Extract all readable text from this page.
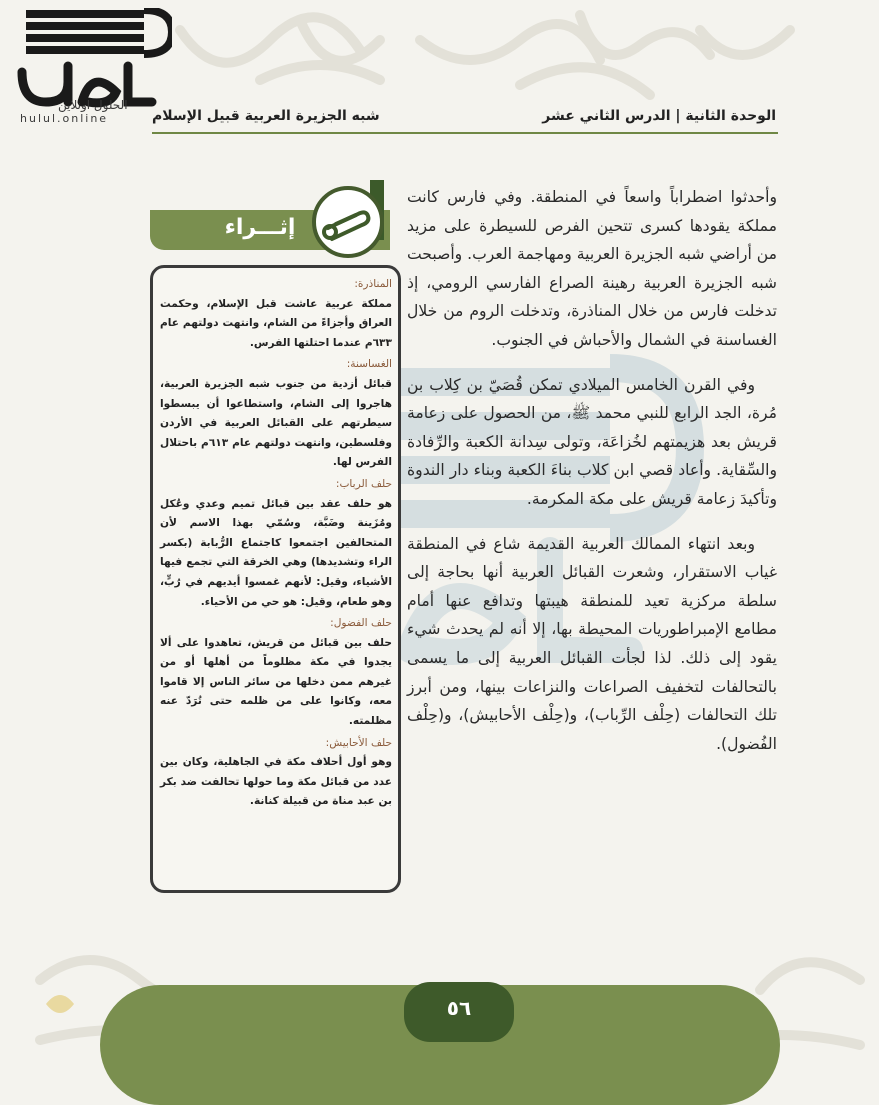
الحلول اونلاين
hulul.online	الوحدة الثانية | الدرس الثاني عشر
شبه الجزيرة العربية قبيل الإسلام

وأحدثوا اضطراباً واسعاً في المنطقة. وفي فارس كانت مملكة يقودها كسرى تتحين الفرص للسيطرة على مزيد من أراضي شبه الجزيرة العربية ومهاجمة العرب. وأصبحت شبه الجزيرة العربية رهينة الصراع الفارسي الرومي، إذ تدخلت فارس من خلال المناذرة، وتدخلت الروم من خلال الغساسنة في الشمال والأحباش في الجنوب.

وفي القرن الخامس الميلادي تمكن قُصَيّ بن كِلاب بن مُرة، الجد الرابع للنبي محمد ﷺ، من الحصول على زعامة قريش بعد هزيمتهم لخُزاعَة، وتولى سِدانة الكعبة والرِّفادة والسِّقاية. وأعاد قصي ابن كلاب بناءَ الكعبة وبناء دار الندوة وتأكيدَ زعامة قريش على مكة المكرمة.

وبعد انتهاء الممالك العربية القديمة شاع في المنطقة غياب الاستقرار، وشعرت القبائل العربية أنها بحاجة إلى سلطة مركزية تعيد للمنطقة هيبتها وتدافع عنها أمام مطامع الإمبراطوريات المحيطة بها، إلا أنه لم يحدث شيء يقود إلى ذلك. لذا لجأت القبائل العربية إلى ما يسمى بالتحالفات لتخفيف الصراعات والنزاعات بينها، ومن أبرز تلك التحالفات (حِلْف الرِّباب)، و(حِلْف الأحابيش)، و(حِلْف الفُضول).

إثـــراء
المناذرة:
مملكة عربية عاشت قبل الإسلام، وحكمت العراق وأجزاءً من الشام، وانتهت دولتهم عام ٦٣٣م عندما احتلتها الفرس.
الغساسنة:
قبائل أزدية من جنوب شبه الجزيرة العربية، هاجروا إلى الشام، واستطاعوا أن يبسطوا سيطرتهم على القبائل العربية في الأردن وفلسطين، وانتهت دولتهم عام ٦١٣م باحتلال الفرس لها.
حلف الرباب:
هو حلف عقد بين قبائل تميم وعدي وعُكل ومُزَينة وضَبَّة، وسُمّي بهذا الاسم لأن المتحالفين اجتمعوا كاجتماع الرُّبابة (بكسر الراء وتشديدها) وهي الخرقة التي تجمع فيها الأشياء، وقيل: لأنهم غمسوا أيديهم في رُبٍّ، وهو طعام، وقيل: هو حي من الأحياء.
حلف الفضول:
حلف بين قبائل من قريش، تعاهدوا على ألا يجدوا في مكة مظلوماً من أهلها أو من غيرهم ممن دخلها من سائر الناس إلا قاموا معه، وكانوا على من ظلمه حتى تُرَدّ عنه مظلمته.
حلف الأحابيش:
وهو أول أحلاف مكة في الجاهلية، وكان بين عدد من قبائل مكة وما حولها تحالفت ضد بكر بن عبد مناة من قبيلة كنانة.
٥٦
